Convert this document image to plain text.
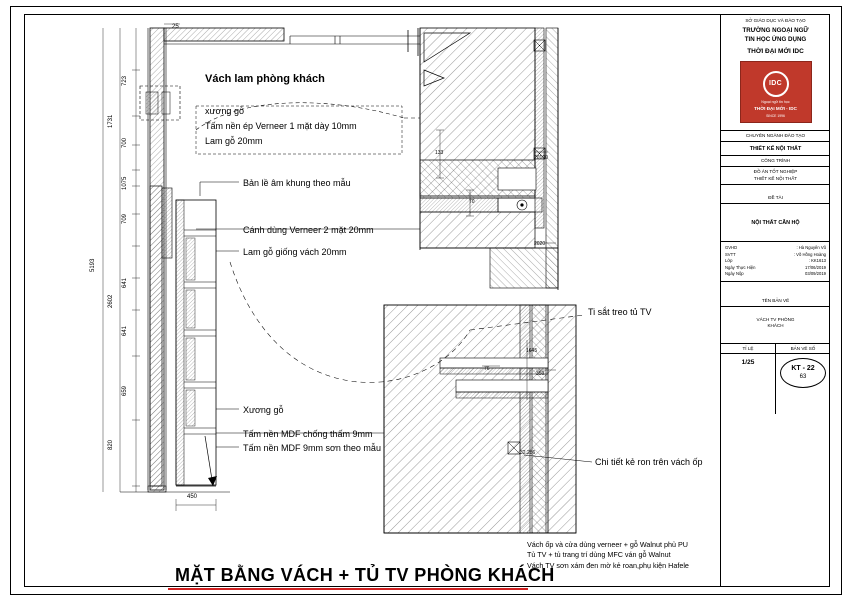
Vách lam phòng khách
xương gỗ
Tấm nền ép Verneer 1 mặt dày 10mm
Lam gỗ 20mm
Bản lề âm khung theo mẫu
Cánh dùng Verneer 2 mặt 20mm
Lam gỗ giống vách 20mm
Ti sắt treo tủ TV
Xương gỗ
Tấm nền MDF chống thấm 9mm
Tấm nền MDF 9mm sơn theo mẫu
Chi tiết kẻ ron trên vách ốp
25
723
1731
700
1075
709
5193
641
2602
641
659
820
450
133
20100
70
2020
1645
76
350
32.286
Vách ốp và cửa dùng verneer + gỗ Walnut phủ PU
Tủ TV + tủ trang trí dùng MFC ván gỗ Walnut
Vách TV sơn xám đen mờ kẻ roan,phụ kiện Hafele
MẶT BẰNG VÁCH + TỦ TV PHÒNG KHÁCH
SỞ GIÁO DỤC VÀ ĐÀO TẠO
TRƯỜNG NGOẠI NGỮ
TIN HỌC ỨNG DỤNG
THỜI ĐẠI MỚI IDC
IDC
Ngoại ngữ tin học
THỜI ĐẠI MỚI - IDC
SINCE 1996
CHUYÊN NGÀNH ĐÀO TẠO
THIẾT KẾ NỘI THẤT
CÔNG TRÌNH
ĐỒ ÁN TỐT NGHIỆP
THIẾT KẾ NỘI THẤT
ĐỀ TÀI
NỘI THẤT CĂN HỘ
GVHD	: Hà Nguyên Vũ
SVTT	: Võ Hồng Hoàng
Lớp	: KK1613
Ngày Thực Hiện	17/06/2019
Ngày Nộp	03/09/2019
TÊN BẢN VẼ
VÁCH TV PHÒNG
KHÁCH
TỈ LỆ	BẢN VẼ SỐ
1/25
KT - 22
63
